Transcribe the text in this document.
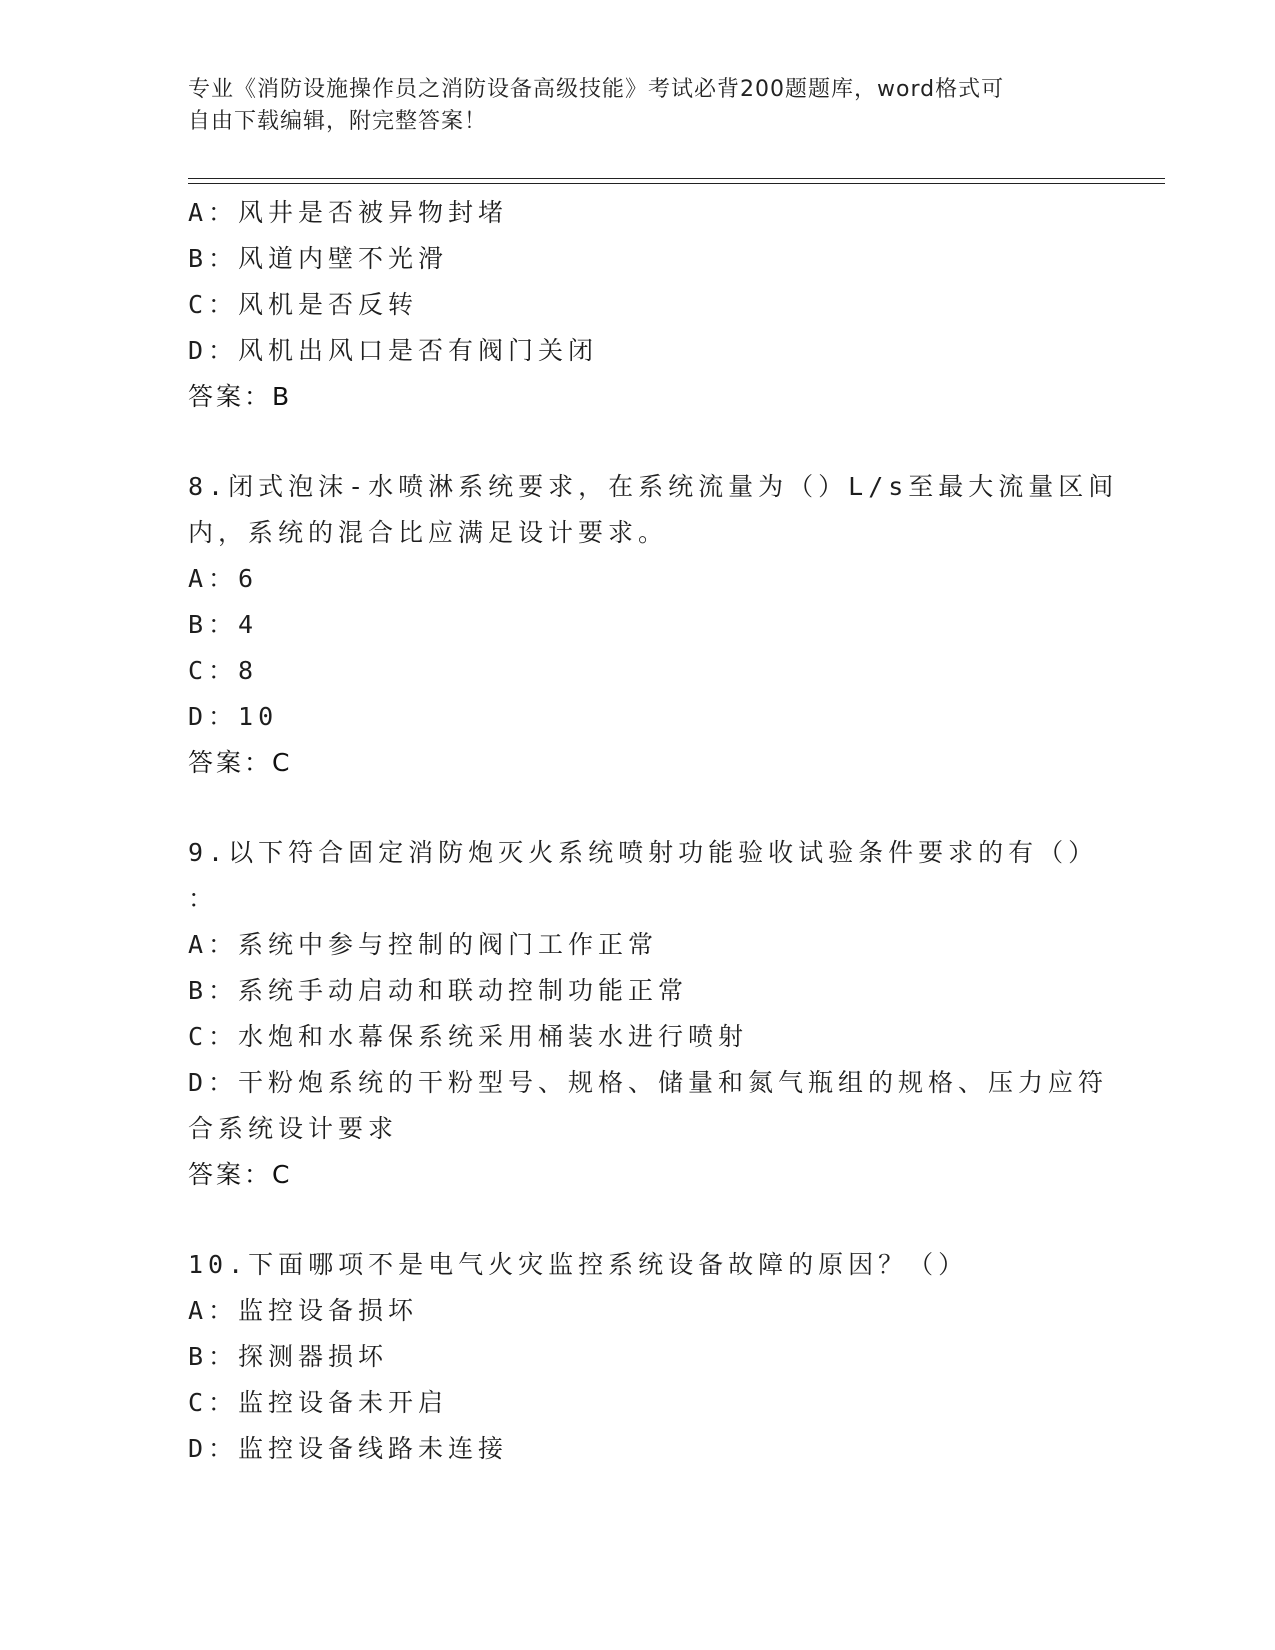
专业《消防设施操作员之消防设备高级技能》考试必背200题题库，word格式可
自由下载编辑，附完整答案！
A：风井是否被异物封堵
B：风道内壁不光滑
C：风机是否反转
D：风机出风口是否有阀门关闭
答案：B
8.闭式泡沫-水喷淋系统要求，在系统流量为（）L/s至最大流量区间
内，系统的混合比应满足设计要求。
A：6
B：4
C：8
D：10
答案：C
9.以下符合固定消防炮灭火系统喷射功能验收试验条件要求的有（）
：
A：系统中参与控制的阀门工作正常
B：系统手动启动和联动控制功能正常
C：水炮和水幕保系统采用桶装水进行喷射
D：干粉炮系统的干粉型号、规格、储量和氮气瓶组的规格、压力应符
合系统设计要求
答案：C
10.下面哪项不是电气火灾监控系统设备故障的原因？（）
A：监控设备损坏
B：探测器损坏
C：监控设备未开启
D：监控设备线路未连接
